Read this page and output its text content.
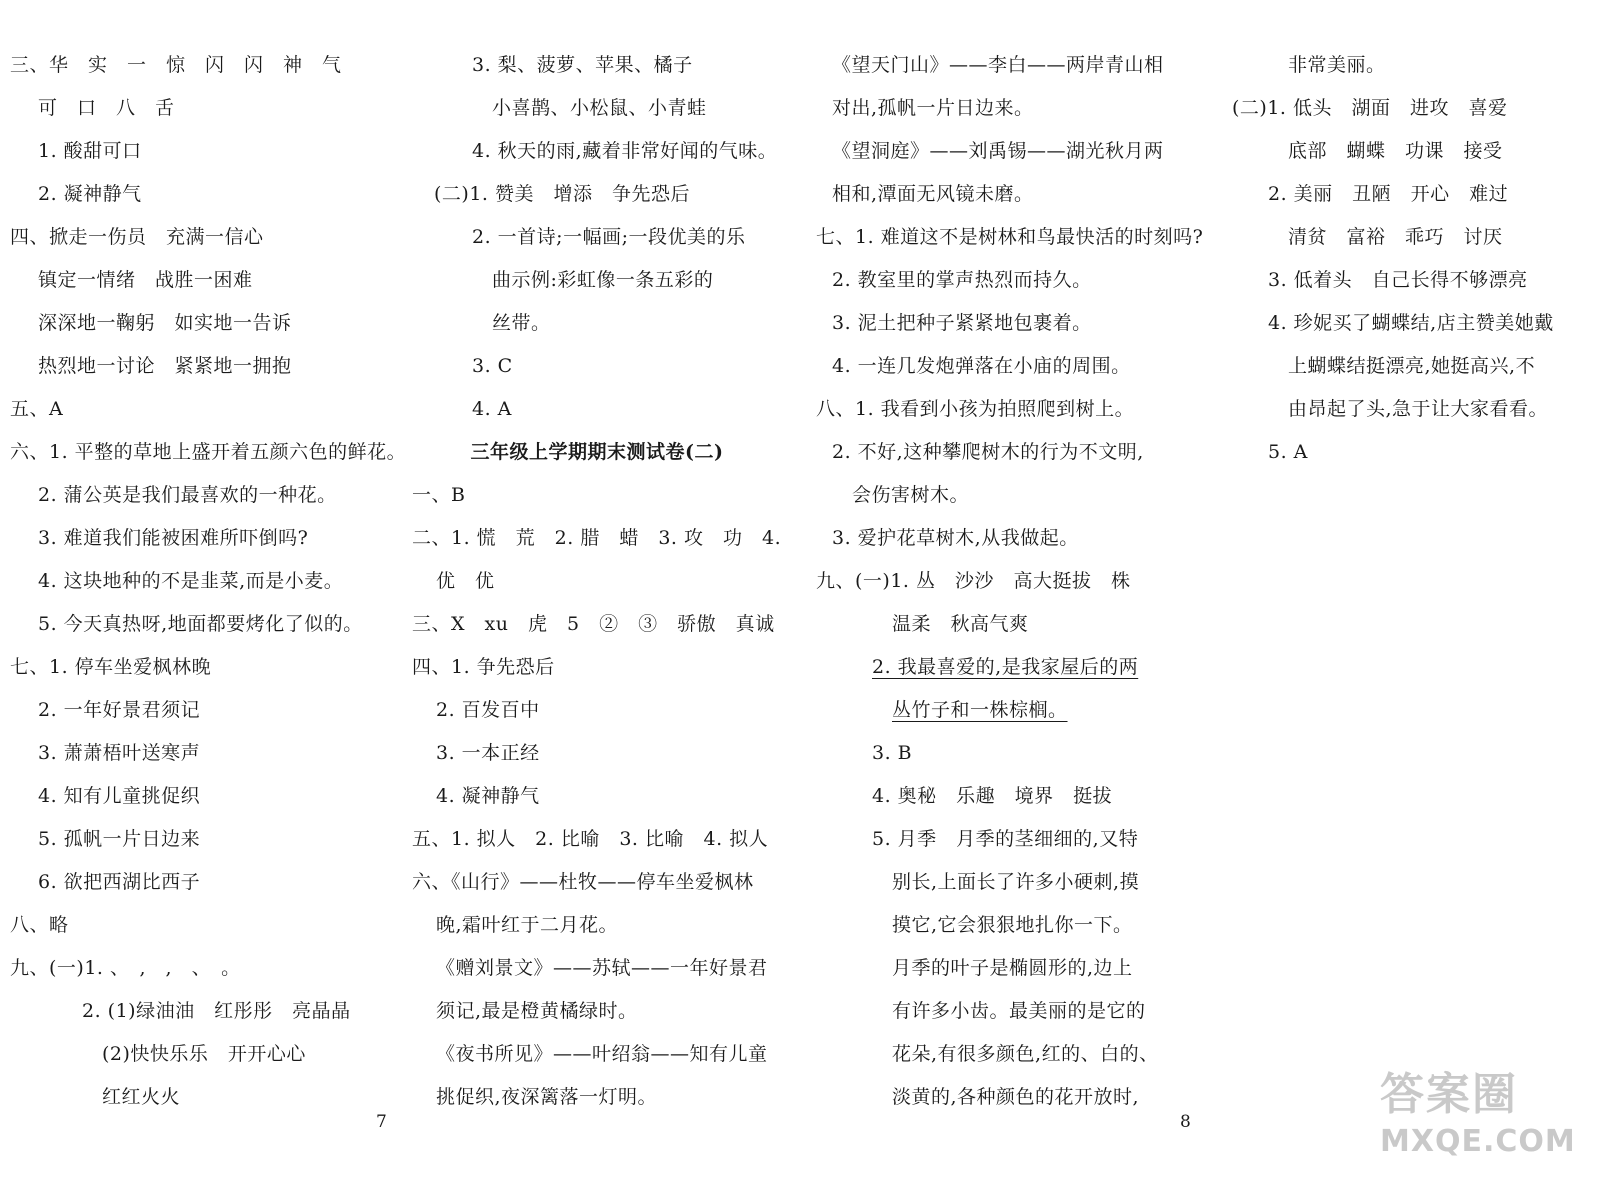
三、华　实　一　惊　闪　闪　神　气
可　口　八　舌
1. 酸甜可口
2. 凝神静气
四、掀走一伤员　充满一信心
镇定一情绪　战胜一困难
深深地一鞠躬　如实地一告诉
热烈地一讨论　紧紧地一拥抱
五、A
六、1. 平整的草地上盛开着五颜六色的鲜花。
2. 蒲公英是我们最喜欢的一种花。
3. 难道我们能被困难所吓倒吗?
4. 这块地种的不是韭菜,而是小麦。
5. 今天真热呀,地面都要烤化了似的。
七、1. 停车坐爱枫林晚
2. 一年好景君须记
3. 萧萧梧叶送寒声
4. 知有儿童挑促织
5. 孤帆一片日边来
6. 欲把西湖比西子
八、略
九、(一)1. 、　,　,　、　。
2. (1)绿油油　红彤彤　亮晶晶
(2)快快乐乐　开开心心
红红火火
3. 梨、菠萝、苹果、橘子
小喜鹊、小松鼠、小青蛙
4. 秋天的雨,藏着非常好闻的气味。
(二)1. 赞美　增添　争先恐后
2. 一首诗;一幅画;一段优美的乐
曲示例:彩虹像一条五彩的
丝带。
3. C
4. A
三年级上学期期末测试卷(二)
一、B
二、1. 慌　荒　2. 腊　蜡　3. 攻　功　4.
优　优
三、X　xu　虎　5　②　③　骄傲　真诚
四、1. 争先恐后
2. 百发百中
3. 一本正经
4. 凝神静气
五、1. 拟人　2. 比喻　3. 比喻　4. 拟人
六、《山行》——杜牧——停车坐爱枫林
晚,霜叶红于二月花。
《赠刘景文》——苏轼——一年好景君
须记,最是橙黄橘绿时。
《夜书所见》——叶绍翁——知有儿童
挑促织,夜深篱落一灯明。
《望天门山》——李白——两岸青山相
对出,孤帆一片日边来。
《望洞庭》——刘禹锡——湖光秋月两
相和,潭面无风镜未磨。
七、1. 难道这不是树林和鸟最快活的时刻吗?
2. 教室里的掌声热烈而持久。
3. 泥土把种子紧紧地包裹着。
4. 一连几发炮弹落在小庙的周围。
八、1. 我看到小孩为拍照爬到树上。
2. 不好,这种攀爬树木的行为不文明,
会伤害树木。
3. 爱护花草树木,从我做起。
九、(一)1. 丛　沙沙　高大挺拔　株
温柔　秋高气爽
2. 我最喜爱的,是我家屋后的两
丛竹子和一株棕榈。
3. B
4. 奥秘　乐趣　境界　挺拔
5. 月季　月季的茎细细的,又特
别长,上面长了许多小硬刺,摸
摸它,它会狠狠地扎你一下。
月季的叶子是椭圆形的,边上
有许多小齿。最美丽的是它的
花朵,有很多颜色,红的、白的、
淡黄的,各种颜色的花开放时,
非常美丽。
(二)1. 低头　湖面　进攻　喜爱
底部　蝴蝶　功课　接受
2. 美丽　丑陋　开心　难过
清贫　富裕　乖巧　讨厌
3. 低着头　自己长得不够漂亮
4. 珍妮买了蝴蝶结,店主赞美她戴
上蝴蝶结挺漂亮,她挺高兴,不
由昂起了头,急于让大家看看。
5. A
7	8
答案圈
MXQE.COM
